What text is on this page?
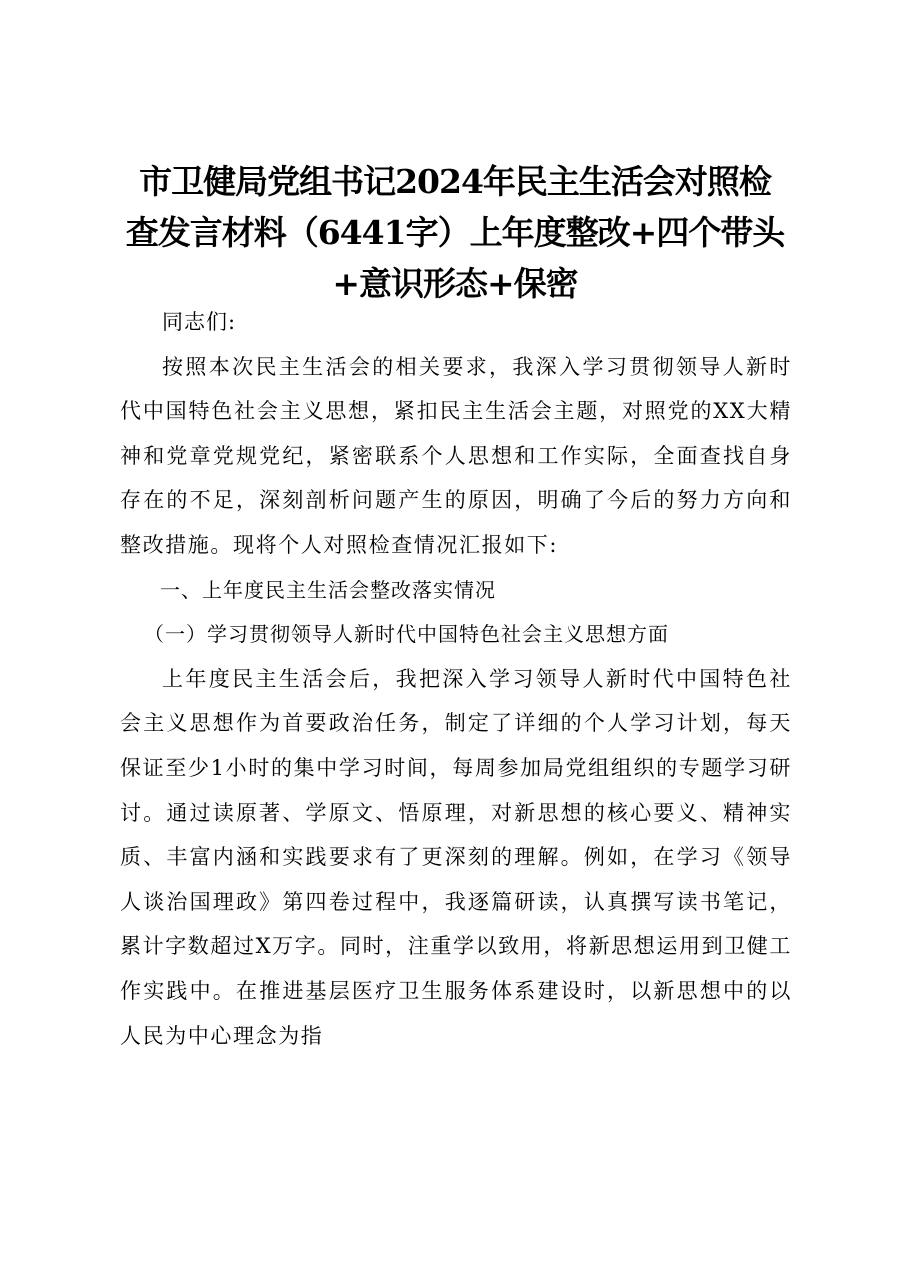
市卫健局党组书记2024年民主生活会对照检
查发言材料（6441字）上年度整改+四个带头
+意识形态+保密

同志们:

按照本次民主生活会的相关要求，我深入学习贯彻领导人新时代中国特色社会主义思想，紧扣民主生活会主题，对照党的XX大精神和党章党规党纪，紧密联系个人思想和工作实际，全面查找自身存在的不足，深刻剖析问题产生的原因，明确了今后的努力方向和整改措施。现将个人对照检查情况汇报如下:

一、上年度民主生活会整改落实情况

（一）学习贯彻领导人新时代中国特色社会主义思想方面

上年度民主生活会后，我把深入学习领导人新时代中国特色社会主义思想作为首要政治任务，制定了详细的个人学习计划，每天保证至少1小时的集中学习时间，每周参加局党组组织的专题学习研讨。通过读原著、学原文、悟原理，对新思想的核心要义、精神实质、丰富内涵和实践要求有了更深刻的理解。例如，在学习《领导人谈治国理政》第四卷过程中，我逐篇研读，认真撰写读书笔记，累计字数超过X万字。同时，注重学以致用，将新思想运用到卫健工作实践中。在推进基层医疗卫生服务体系建设时，以新思想中的以人民为中心理念为指
